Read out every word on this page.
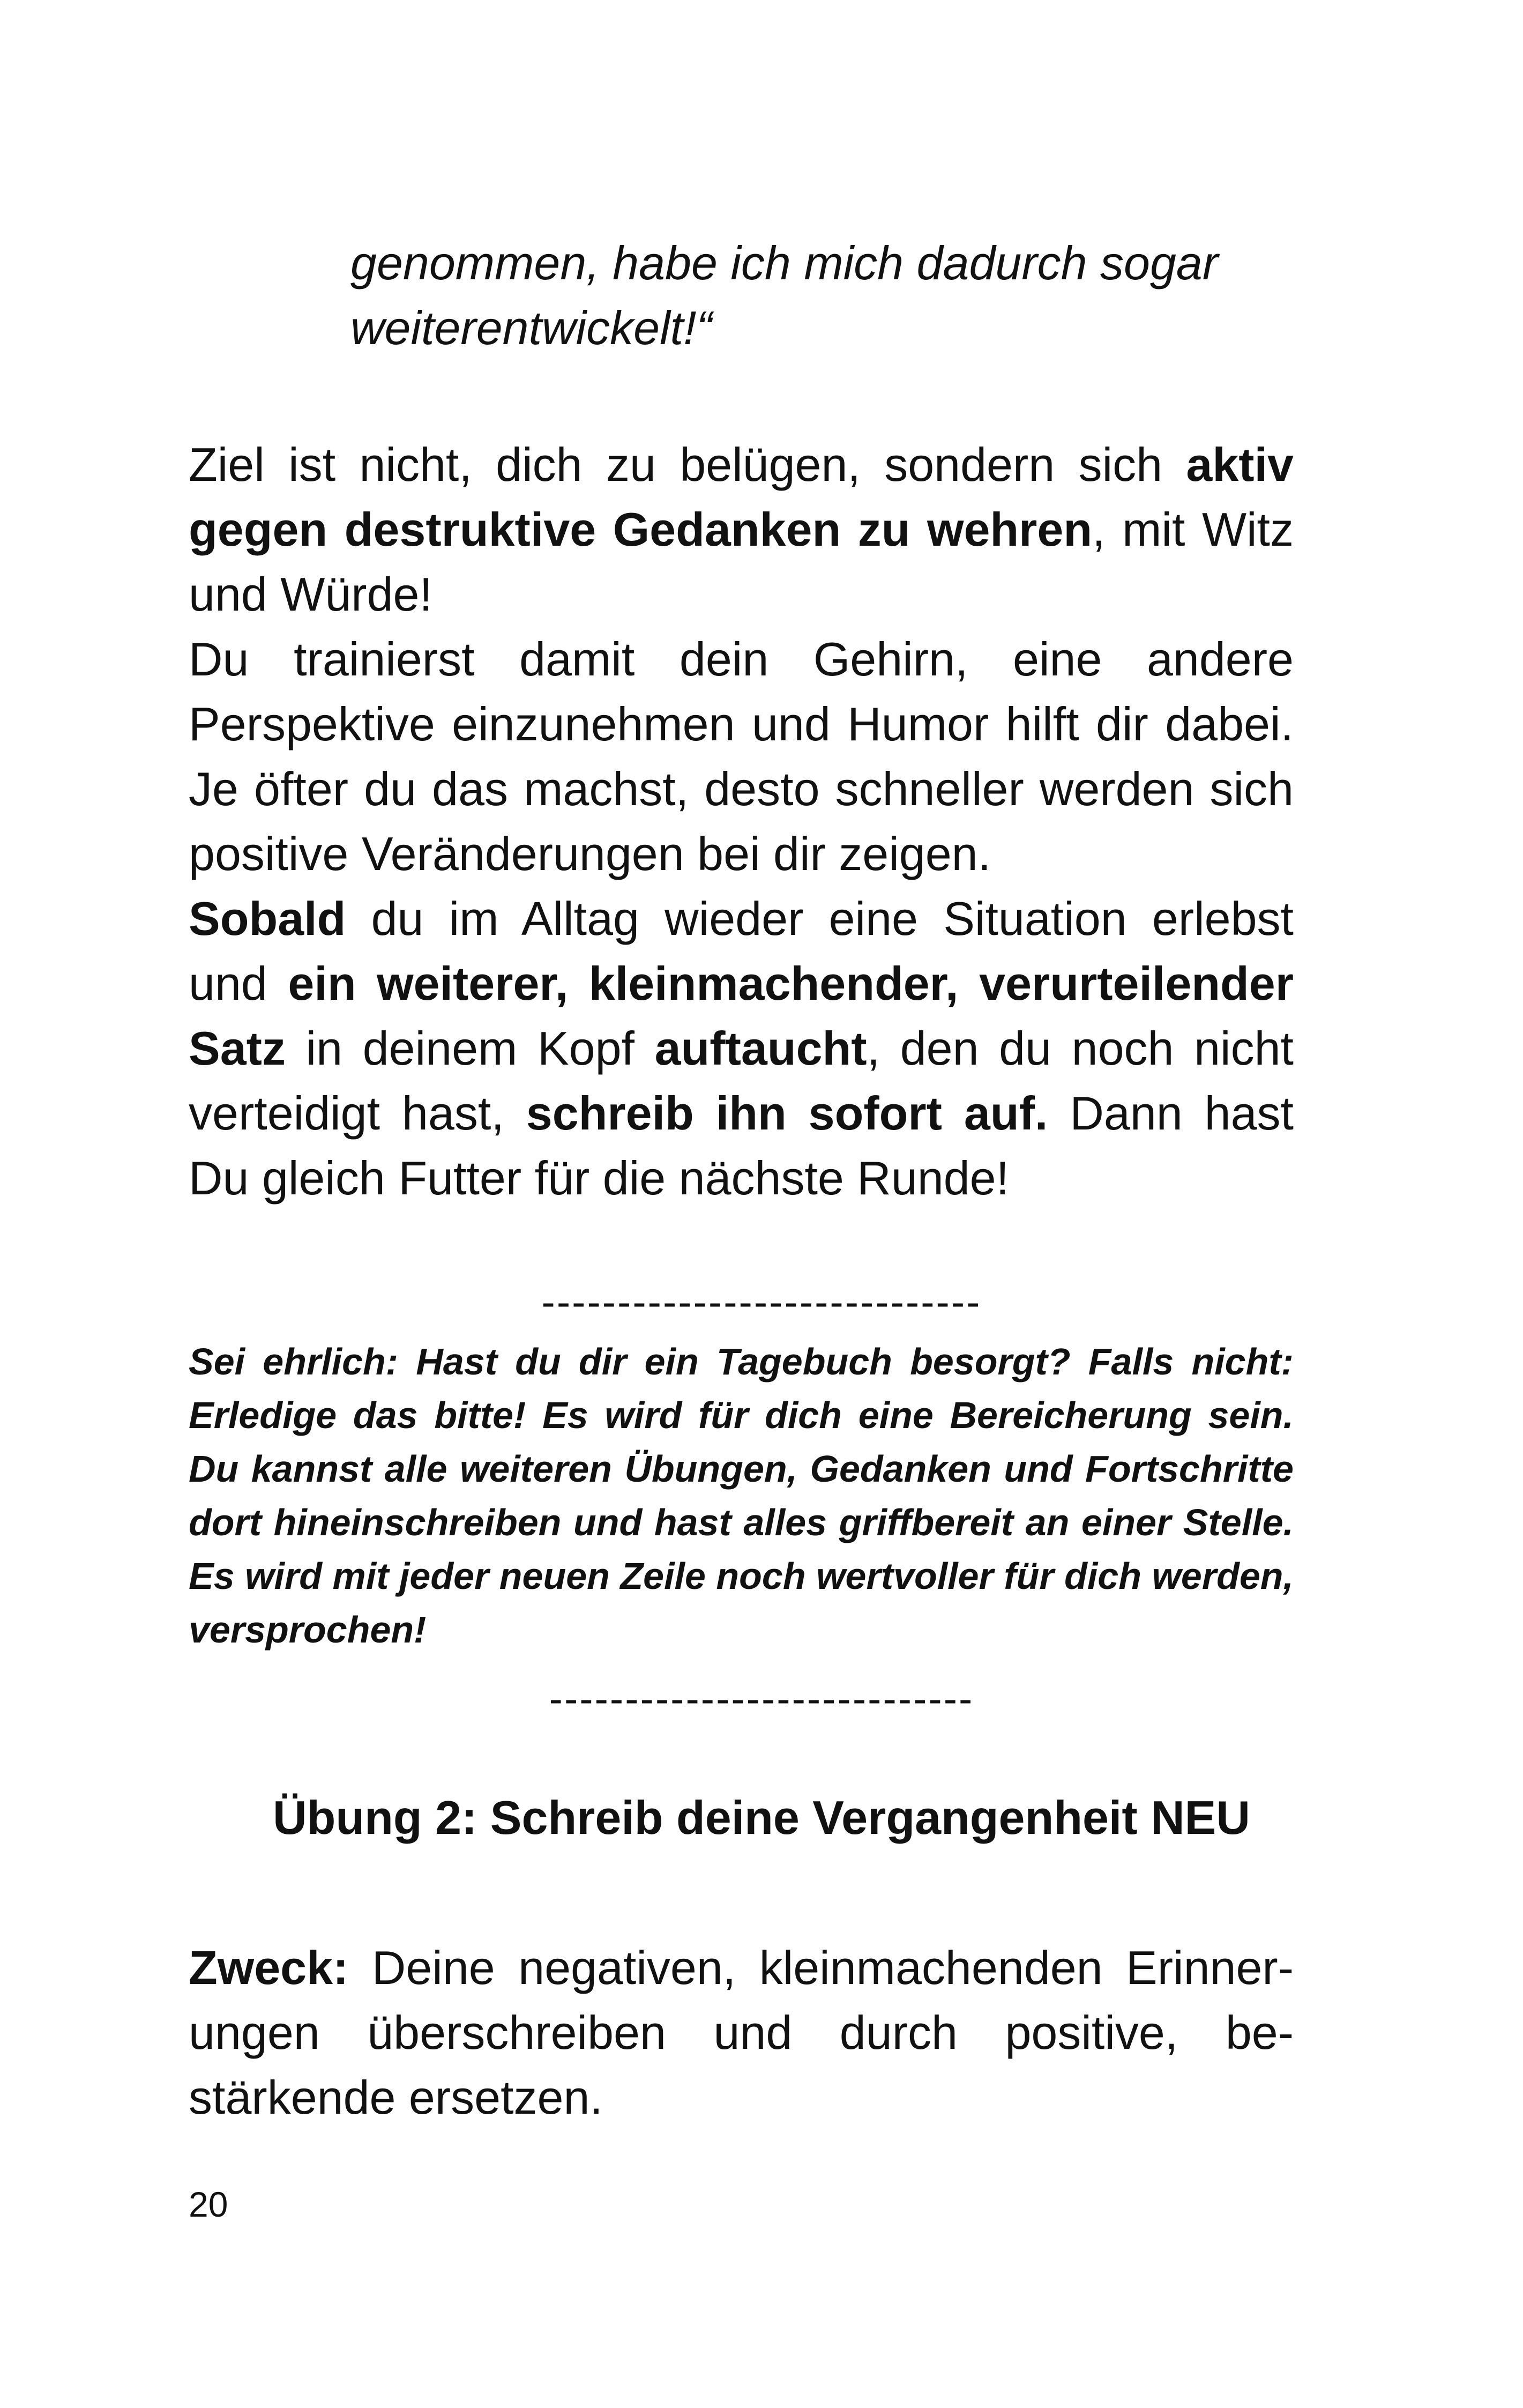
genommen, habe ich mich dadurch sogar
weiterentwickelt!“

Ziel ist nicht, dich zu belügen, sondern sich aktiv gegen destruktive Gedanken zu wehren, mit Witz und Würde!

Du trainierst damit dein Gehirn, eine andere Perspektive einzunehmen und Humor hilft dir dabei. Je öfter du das machst, desto schneller werden sich positive Veränderungen bei dir zeigen.

Sobald du im Alltag wieder eine Situation erlebst und ein weiterer, kleinmachender, verurteilender Satz in deinem Kopf auftaucht, den du noch nicht verteidigt hast, schreib ihn sofort auf. Dann hast Du gleich Futter für die nächste Runde!

-----------------------------

Sei ehrlich: Hast du dir ein Tagebuch besorgt? Falls nicht: Erledige das bitte! Es wird für dich eine Bereicherung sein. Du kannst alle weiteren Übungen, Gedanken und Fortschritte dort hineinschreiben und hast alles griffbereit an einer Stelle. Es wird mit jeder neuen Zeile noch wertvoller für dich werden, versprochen!

----------------------------

Übung 2: Schreib deine Vergangenheit NEU

Zweck: Deine negativen, kleinmachenden Erinner-ungen überschreiben und durch positive, be-stärkende ersetzen.

20
